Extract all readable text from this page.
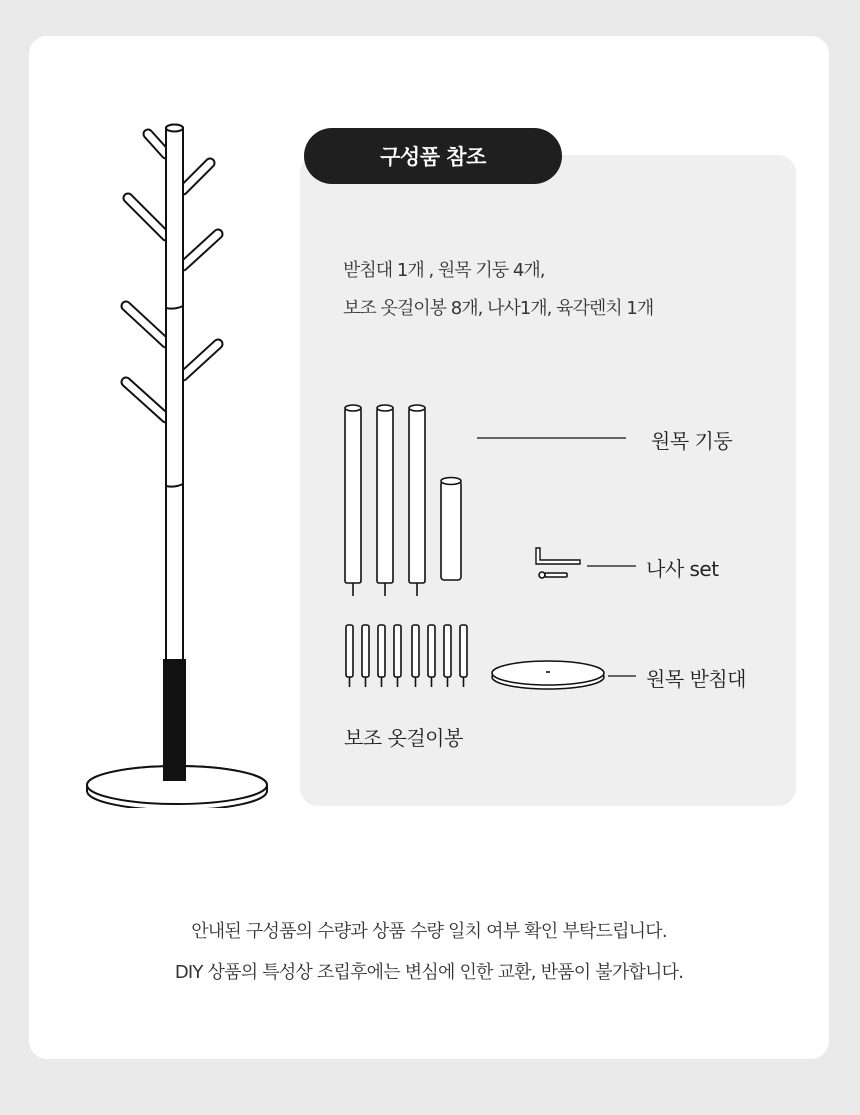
구성품 참조
받침대 1개 , 원목 기둥 4개,
보조 옷걸이봉 8개, 나사1개, 육각렌치 1개
원목 기둥
나사 set
원목 받침대
보조 옷걸이봉
안내된 구성품의 수량과 상품 수량 일치 여부 확인 부탁드립니다.
DIY 상품의 특성상 조립후에는 변심에 인한 교환, 반품이 불가합니다.
